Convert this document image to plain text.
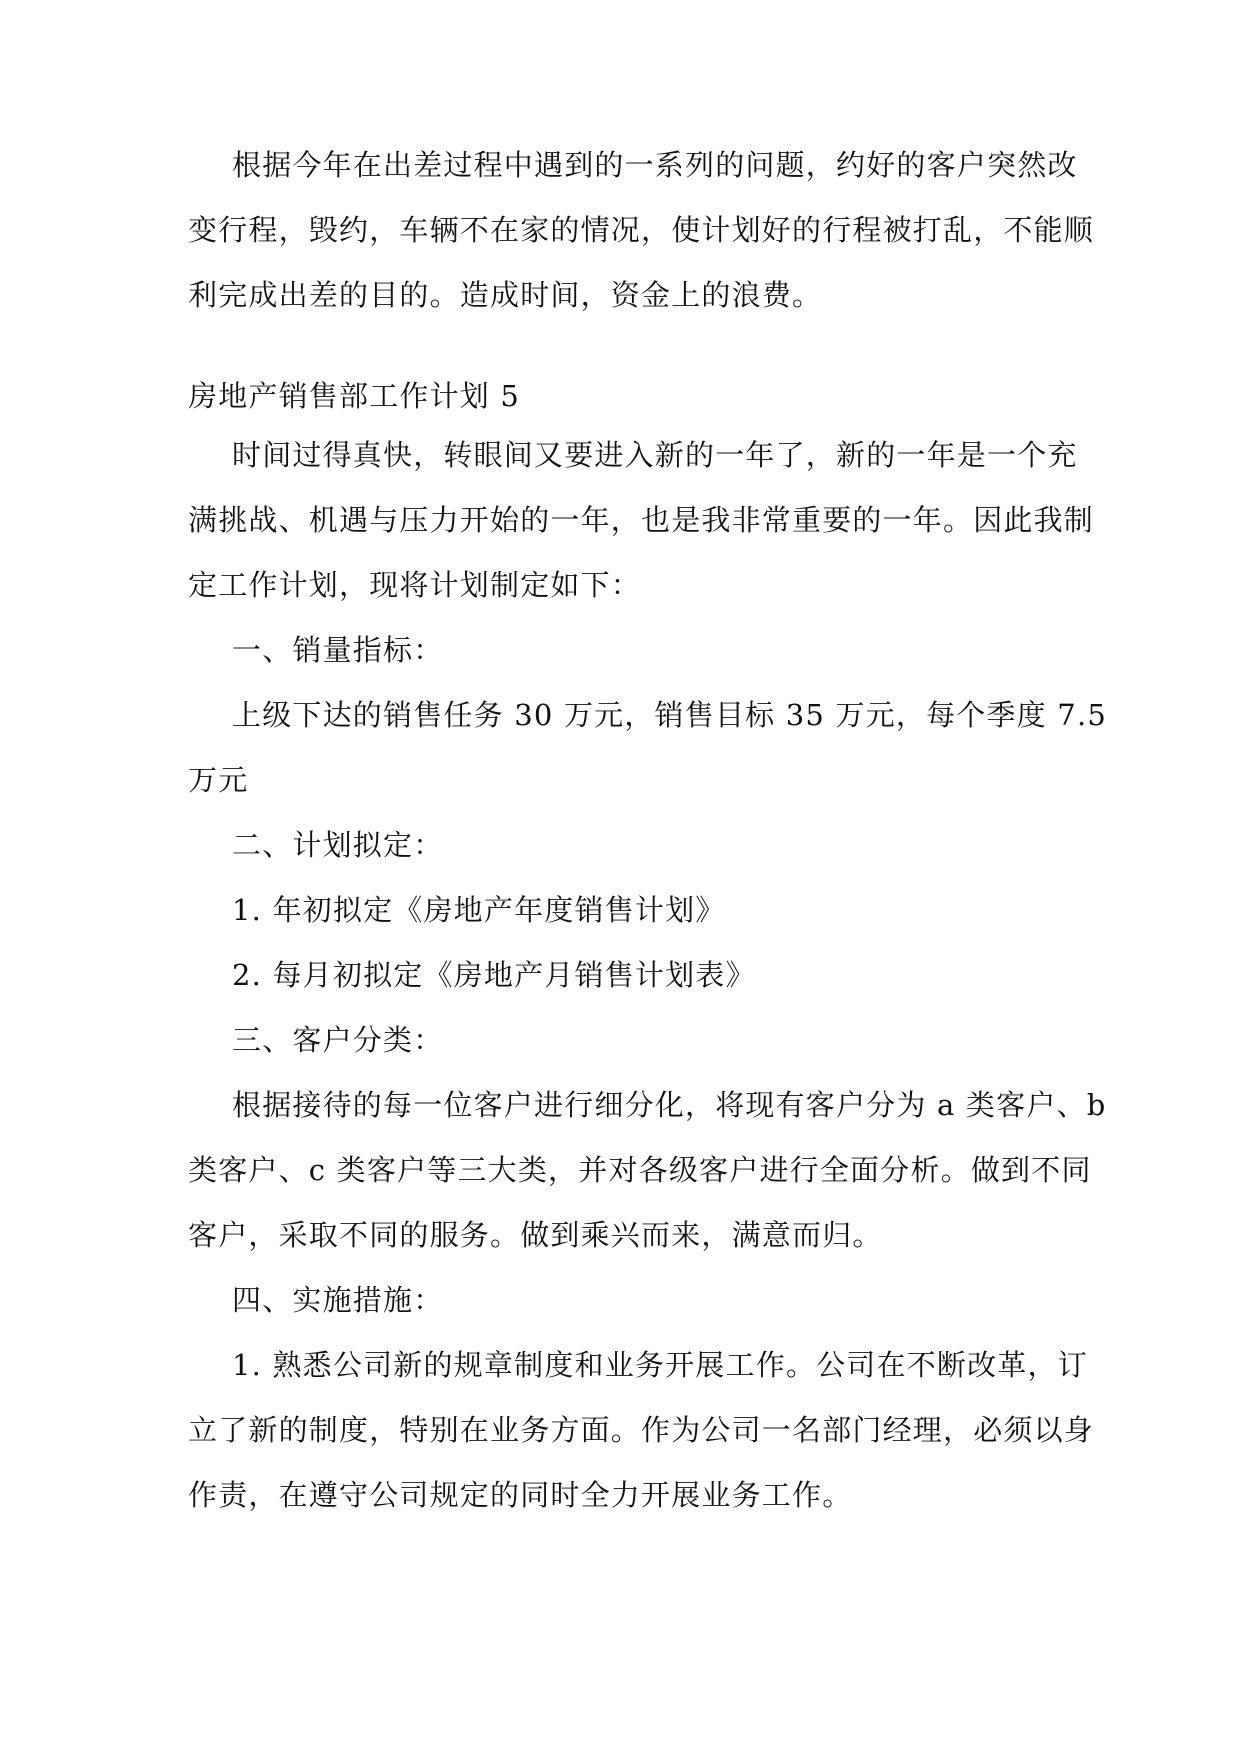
根据今年在出差过程中遇到的一系列的问题，约好的客户突然改
变行程，毁约，车辆不在家的情况，使计划好的行程被打乱，不能顺
利完成出差的目的。造成时间，资金上的浪费。
房地产销售部工作计划 5
时间过得真快，转眼间又要进入新的一年了，新的一年是一个充
满挑战、机遇与压力开始的一年，也是我非常重要的一年。因此我制
定工作计划，现将计划制定如下：
一、销量指标：
上级下达的销售任务 30 万元，销售目标 35 万元，每个季度 7.5
万元
二、计划拟定：
1. 年初拟定《房地产年度销售计划》
2. 每月初拟定《房地产月销售计划表》
三、客户分类：
根据接待的每一位客户进行细分化，将现有客户分为 a 类客户、b
类客户、c 类客户等三大类，并对各级客户进行全面分析。做到不同
客户，采取不同的服务。做到乘兴而来，满意而归。
四、实施措施：
1. 熟悉公司新的规章制度和业务开展工作。公司在不断改革，订
立了新的制度，特别在业务方面。作为公司一名部门经理，必须以身
作责，在遵守公司规定的同时全力开展业务工作。
